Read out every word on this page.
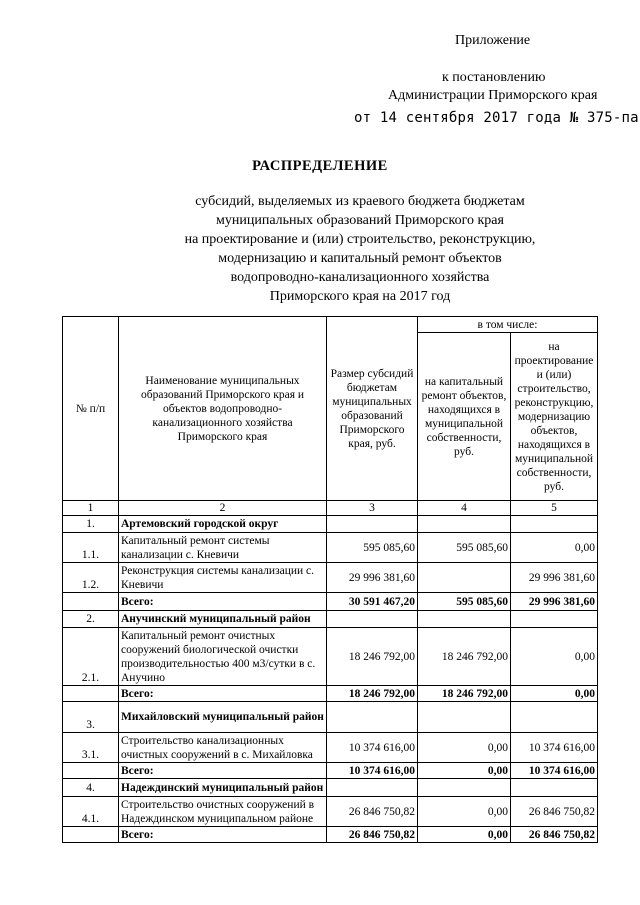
Приложение
к постановлению
Администрации Приморского края
от 14 сентября 2017 года № 375-па
РАСПРЕДЕЛЕНИЕ
субсидий, выделяемых из краевого бюджета бюджетам
муниципальных образований Приморского края
на проектирование и (или) строительство, реконструкцию,
модернизацию и капитальный ремонт объектов
водопроводно-канализационного хозяйства
Приморского края на 2017 год
№ п/п	Наименование муниципальных образований Приморского края и объектов водопроводно-канализационного хозяйства Приморского края	Размер субсидий бюджетам муниципальных образований Приморского края, руб.	в том числе:	
			на капитальный ремонт объектов, находящихся в муниципальной собственности, руб.	на проектирование и (или) строительство, реконструкцию, модернизацию объектов, находящихся в муниципальной собственности, руб.
1	2	3	4	5
1.	Артемовский городской округ			
1.1.	Капитальный ремонт системы канализации с. Кневичи	595 085,60	595 085,60	0,00
1.2.	Реконструкция системы канализации с. Кневичи	29 996 381,60		29 996 381,60
	Всего:	30 591 467,20	595 085,60	29 996 381,60
2.	Анучинский муниципальный район			
2.1.	Капитальный ремонт очистных сооружений биологической очистки производительностью 400 м3/сутки в с. Анучино	18 246 792,00	18 246 792,00	0,00
	Всего:	18 246 792,00	18 246 792,00	0,00
3.	Михайловский муниципальный район			
3.1.	Строительство канализационных очистных сооружений в с. Михайловка	10 374 616,00	0,00	10 374 616,00
	Всего:	10 374 616,00	0,00	10 374 616,00
4.	Надеждинский муниципальный район			
4.1.	Строительство очистных сооружений в Надеждинском муниципальном районе	26 846 750,82	0,00	26 846 750,82
	Всего:	26 846 750,82	0,00	26 846 750,82
